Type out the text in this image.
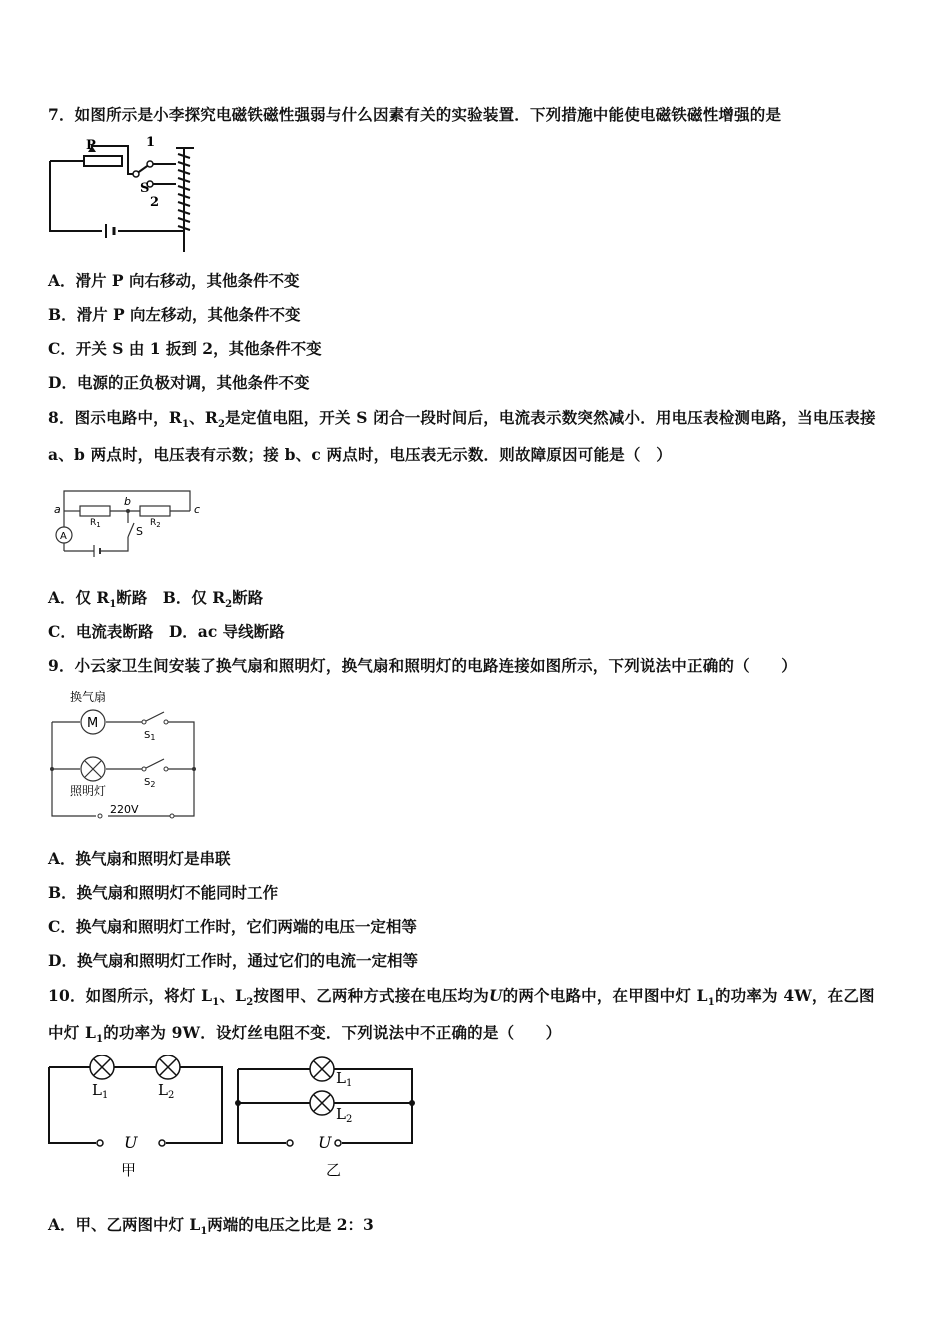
7．如图所示是小李探究电磁铁磁性强弱与什么因素有关的实验装置．下列措施中能使电磁铁磁性增强的是
P	1
S
2
A．滑片 P 向右移动，其他条件不变
B．滑片 P 向左移动，其他条件不变
C．开关 S 由 1 扳到 2，其他条件不变
D．电源的正负极对调，其他条件不变
8．图示电路中，$R_1$、$R_2$是定值电阻，开关 S 闭合一段时间后，电流表示数突然减小．用电压表检测电路，当电压表接
a、b 两点时，电压表有示数；接 b、c 两点时，电压表无示数．则故障原因可能是（　）
A
a
b
c
$R_1$	$R_2$
S
A．仅 $R_1$断路　B．仅 $R_2$断路
C．电流表断路　D．ac 导线断路
9．小云家卫生间安装了换气扇和照明灯，换气扇和照明灯的电路连接如图所示，下列说法中正确的（　　）
换气扇
M
$S_1$
$S_2$
照明灯
220V
A．换气扇和照明灯是串联
B．换气扇和照明灯不能同时工作
C．换气扇和照明灯工作时，它们两端的电压一定相等
D．换气扇和照明灯工作时，通过它们的电流一定相等
10．如图所示，将灯 $L_1$、$L_2$按图甲、乙两种方式接在电压均为U的两个电路中，在甲图中灯 $L_1$的功率为 4W，在乙图
中灯 $L_1$的功率为 9W．设灯丝电阻不变．下列说法中不正确的是（　　）
$L_1$	$L_2$
U
甲
$L_1$
$L_2$
U
乙
A．甲、乙两图中灯 $L_1$两端的电压之比是 2：3
